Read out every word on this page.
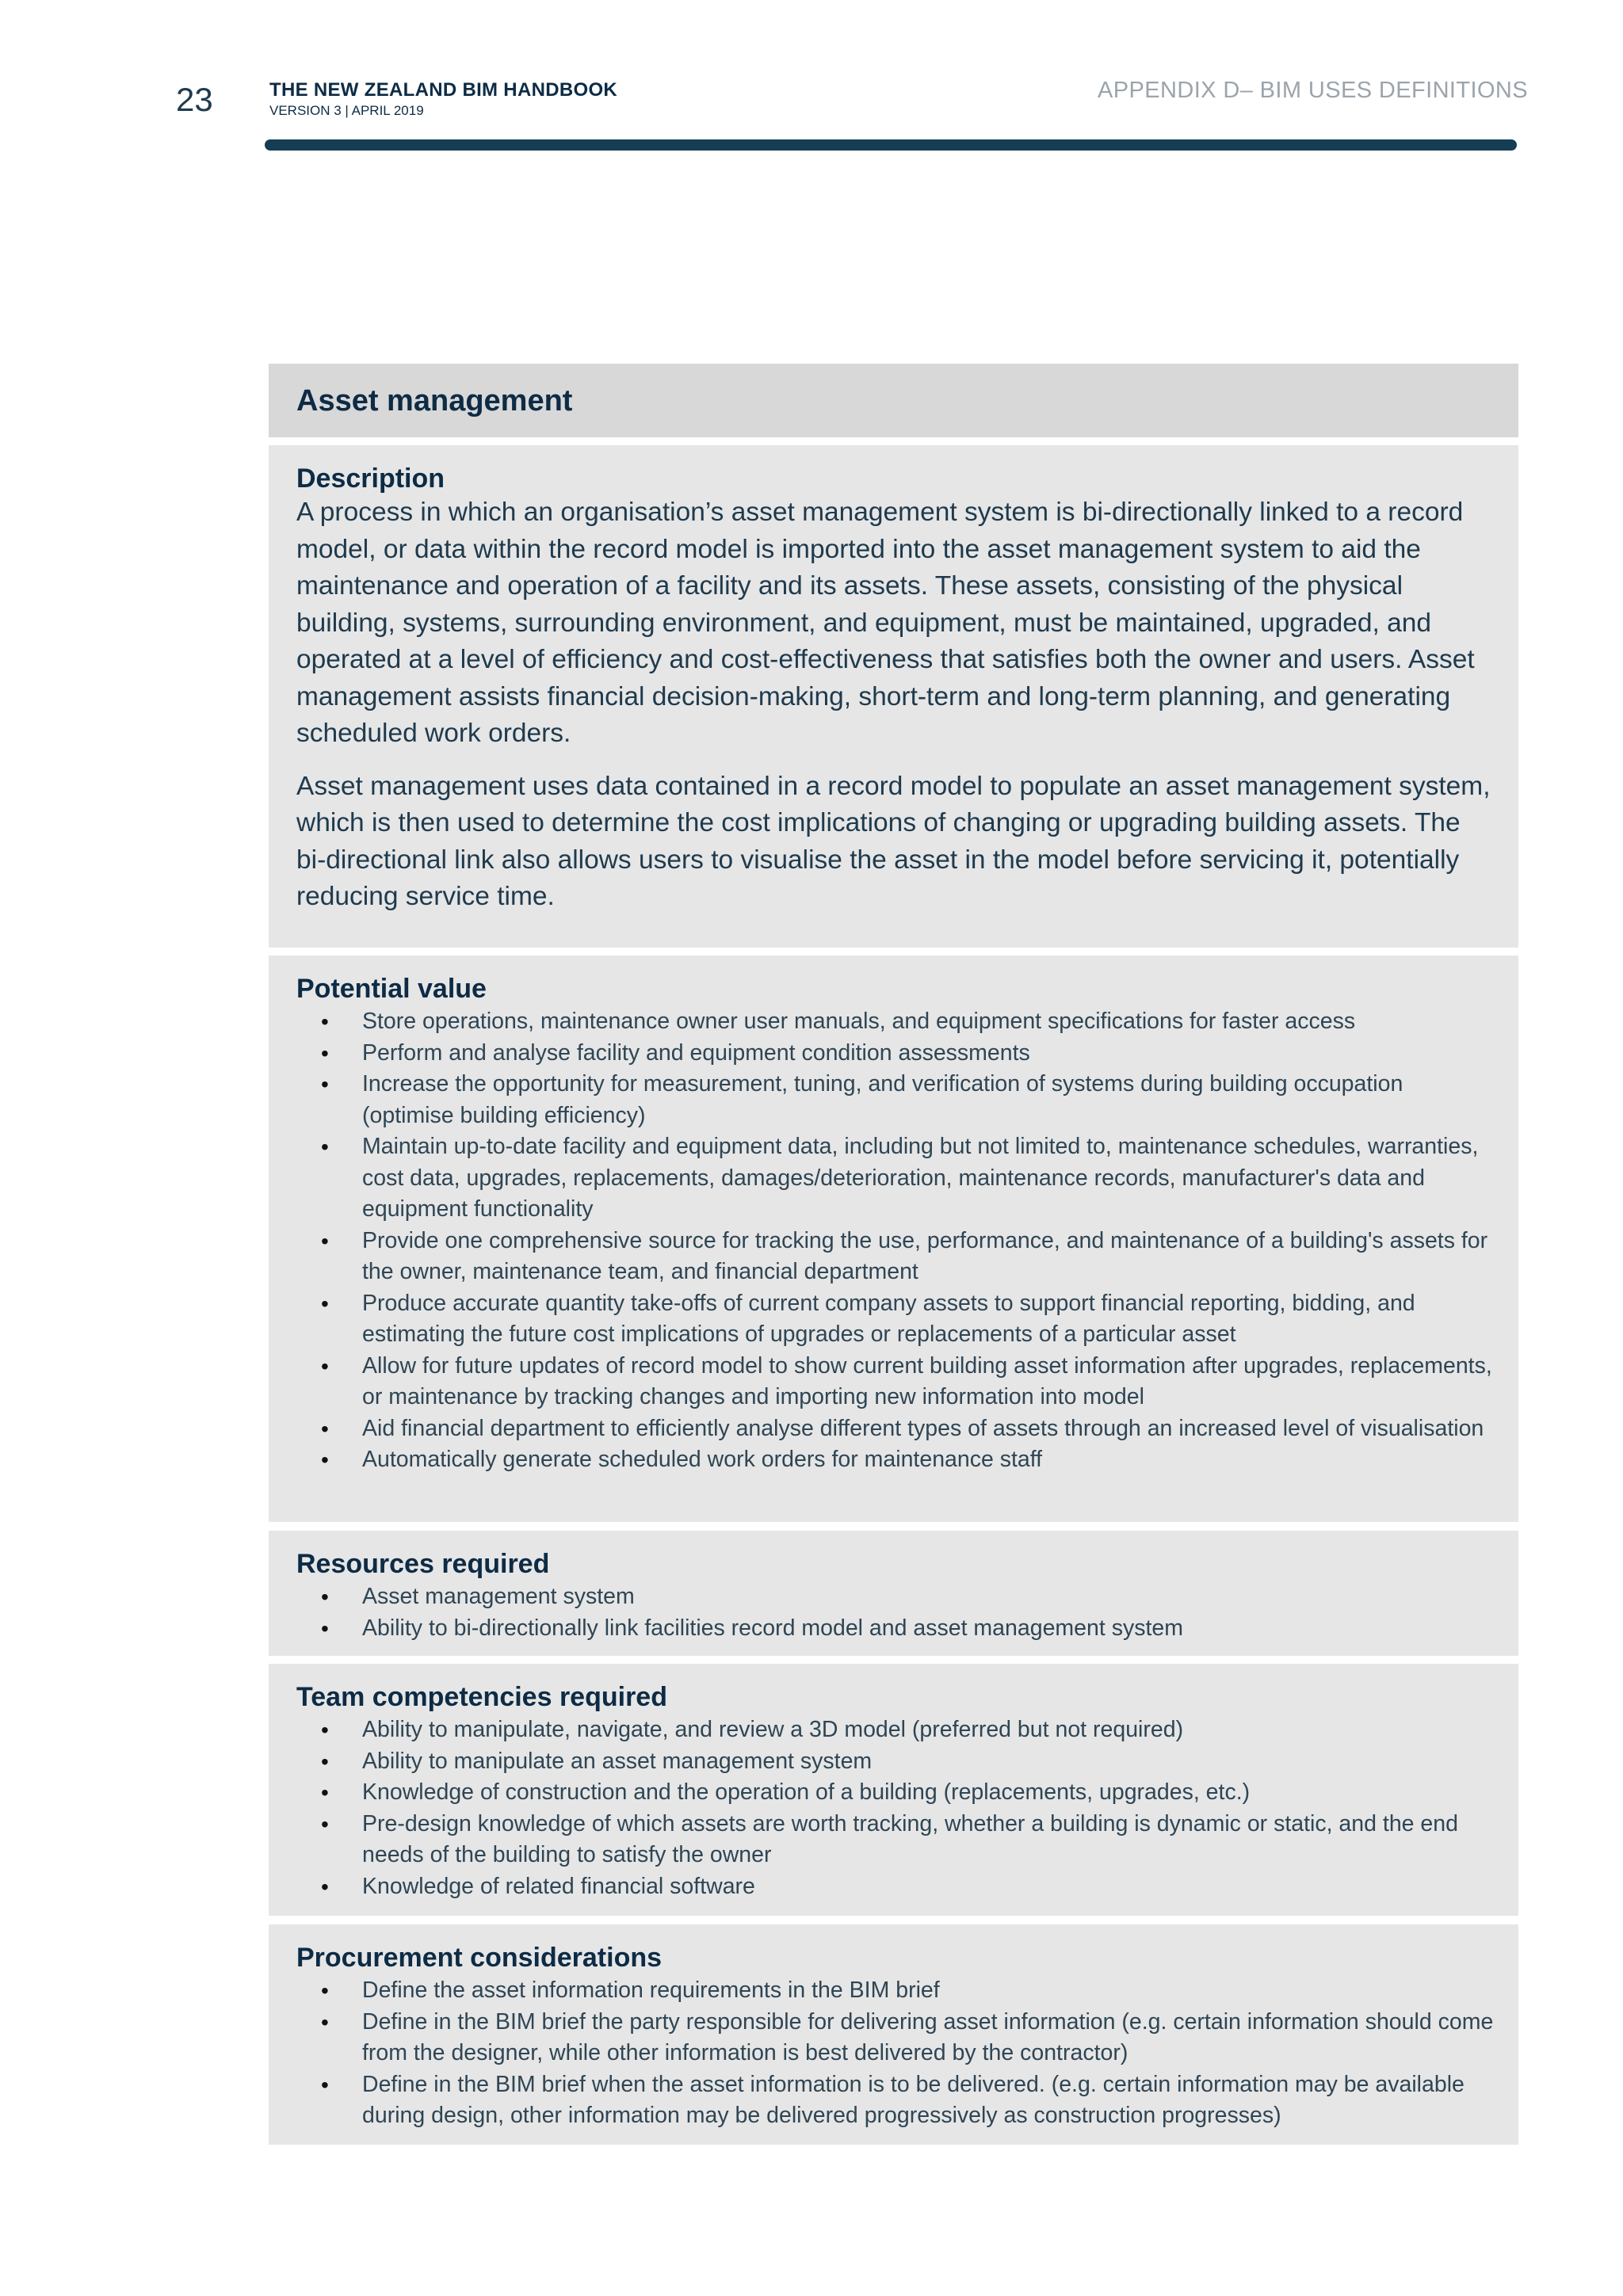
23	THE NEW ZEALAND BIM HANDBOOK
VERSION 3 | APRIL 2019
APPENDIX D– BIM USES DEFINITIONS
Asset management

Description

A process in which an organisation’s asset management system is bi-directionally linked to a record model, or data within the record model is imported into the asset management system to aid the maintenance and operation of a facility and its assets. These assets, consisting of the physical building, systems, surrounding environment, and equipment, must be maintained, upgraded, and operated at a level of efficiency and cost-effectiveness that satisfies both the owner and users. Asset management assists financial decision-making, short-term and long-term planning, and generating scheduled work orders.

Asset management uses data contained in a record model to populate an asset management system, which is then used to determine the cost implications of changing or upgrading building assets. The bi-directional link also allows users to visualise the asset in the model before servicing it, potentially reducing service time.

Potential value

• Store operations, maintenance owner user manuals, and equipment specifications for faster access
• Perform and analyse facility and equipment condition assessments
• Increase the opportunity for measurement, tuning, and verification of systems during building occupation (optimise building efficiency)
• Maintain up-to-date facility and equipment data, including but not limited to, maintenance schedules, warranties, cost data, upgrades, replacements, damages/deterioration, maintenance records, manufacturer's data and equipment functionality
• Provide one comprehensive source for tracking the use, performance, and maintenance of a building's assets for the owner, maintenance team, and financial department
• Produce accurate quantity take-offs of current company assets to support financial reporting, bidding, and estimating the future cost implications of upgrades or replacements of a particular asset
• Allow for future updates of record model to show current building asset information after upgrades, replacements, or maintenance by tracking changes and importing new information into model
• Aid financial department to efficiently analyse different types of assets through an increased level of visualisation
• Automatically generate scheduled work orders for maintenance staff

Resources required

• Asset management system
• Ability to bi-directionally link facilities record model and asset management system

Team competencies required

• Ability to manipulate, navigate, and review a 3D model (preferred but not required)
• Ability to manipulate an asset management system
• Knowledge of construction and the operation of a building (replacements, upgrades, etc.)
• Pre-design knowledge of which assets are worth tracking, whether a building is dynamic or static, and the end needs of the building to satisfy the owner
• Knowledge of related financial software

Procurement considerations

• Define the asset information requirements in the BIM brief
• Define in the BIM brief the party responsible for delivering asset information (e.g. certain information should come from the designer, while other information is best delivered by the contractor)
• Define in the BIM brief when the asset information is to be delivered. (e.g. certain information may be available during design, other information may be delivered progressively as construction progresses)
